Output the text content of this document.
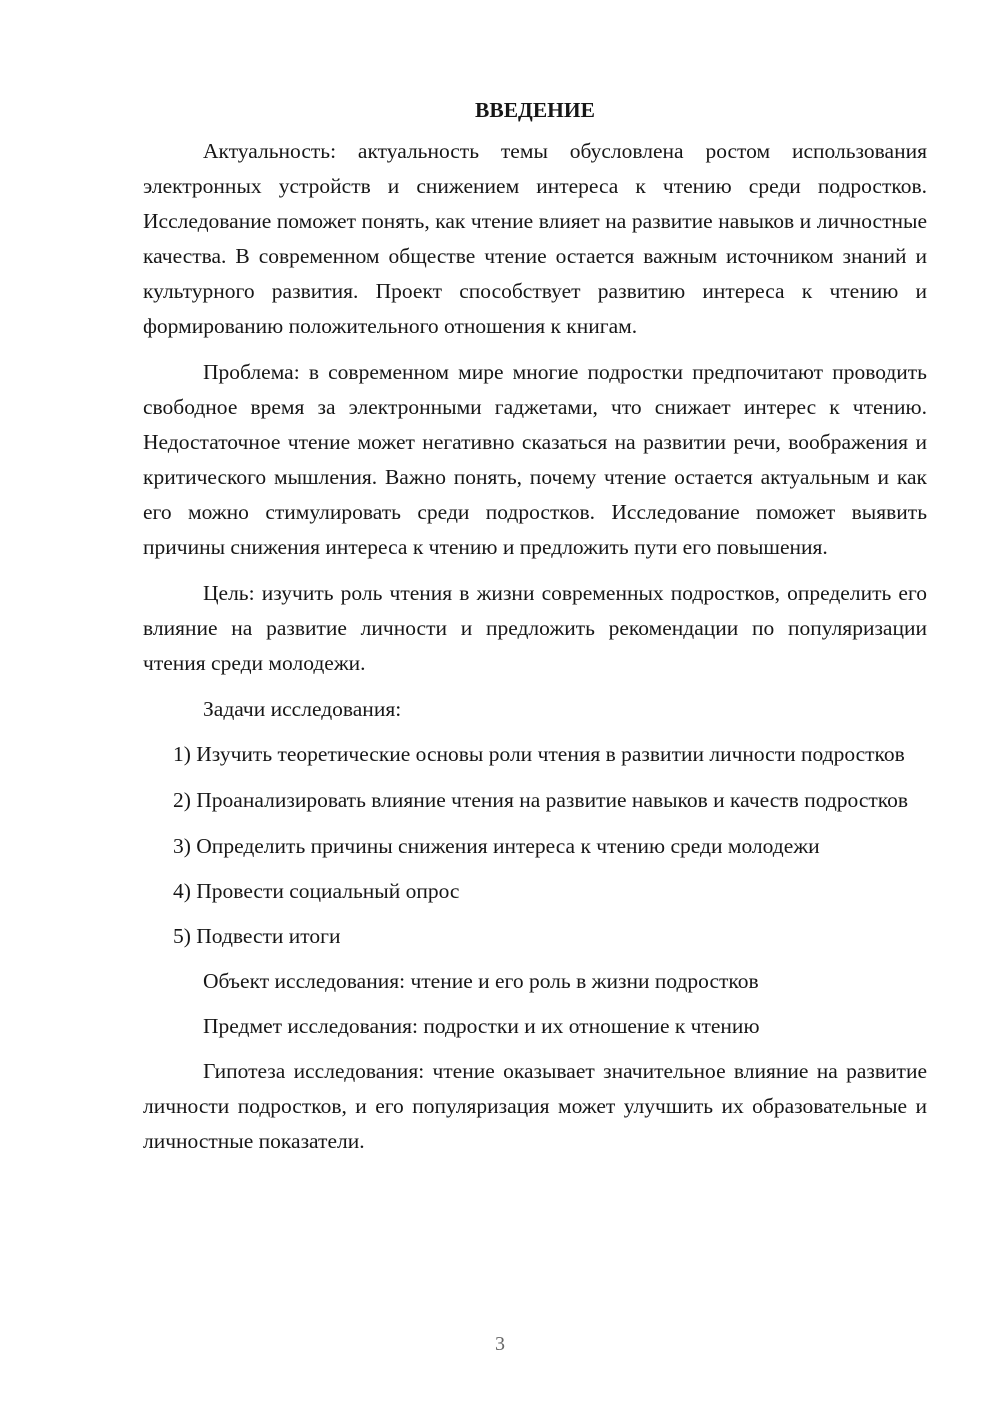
ВВЕДЕНИЕ

Актуальность: актуальность темы обусловлена ростом использования электронных устройств и снижением интереса к чтению среди подростков. Исследование поможет понять, как чтение влияет на развитие навыков и личностные качества. В современном обществе чтение остается важным источником знаний и культурного развития. Проект способствует развитию интереса к чтению и формированию положительного отношения к книгам.

Проблема: в современном мире многие подростки предпочитают проводить свободное время за электронными гаджетами, что снижает интерес к чтению. Недостаточное чтение может негативно сказаться на развитии речи, воображения и критического мышления. Важно понять, почему чтение остается актуальным и как его можно стимулировать среди подростков. Исследование поможет выявить причины снижения интереса к чтению и предложить пути его повышения.

Цель: изучить роль чтения в жизни современных подростков, определить его влияние на развитие личности и предложить рекомендации по популяризации чтения среди молодежи.

Задачи исследования:

1) Изучить теоретические основы роли чтения в развитии личности подростков

2) Проанализировать влияние чтения на развитие навыков и качеств подростков

3) Определить причины снижения интереса к чтению среди молодежи

4) Провести социальный опрос

5) Подвести итоги

Объект исследования: чтение и его роль в жизни подростков

Предмет исследования: подростки и их отношение к чтению

Гипотеза исследования: чтение оказывает значительное влияние на развитие личности подростков, и его популяризация может улучшить их образовательные и личностные показатели.

3
